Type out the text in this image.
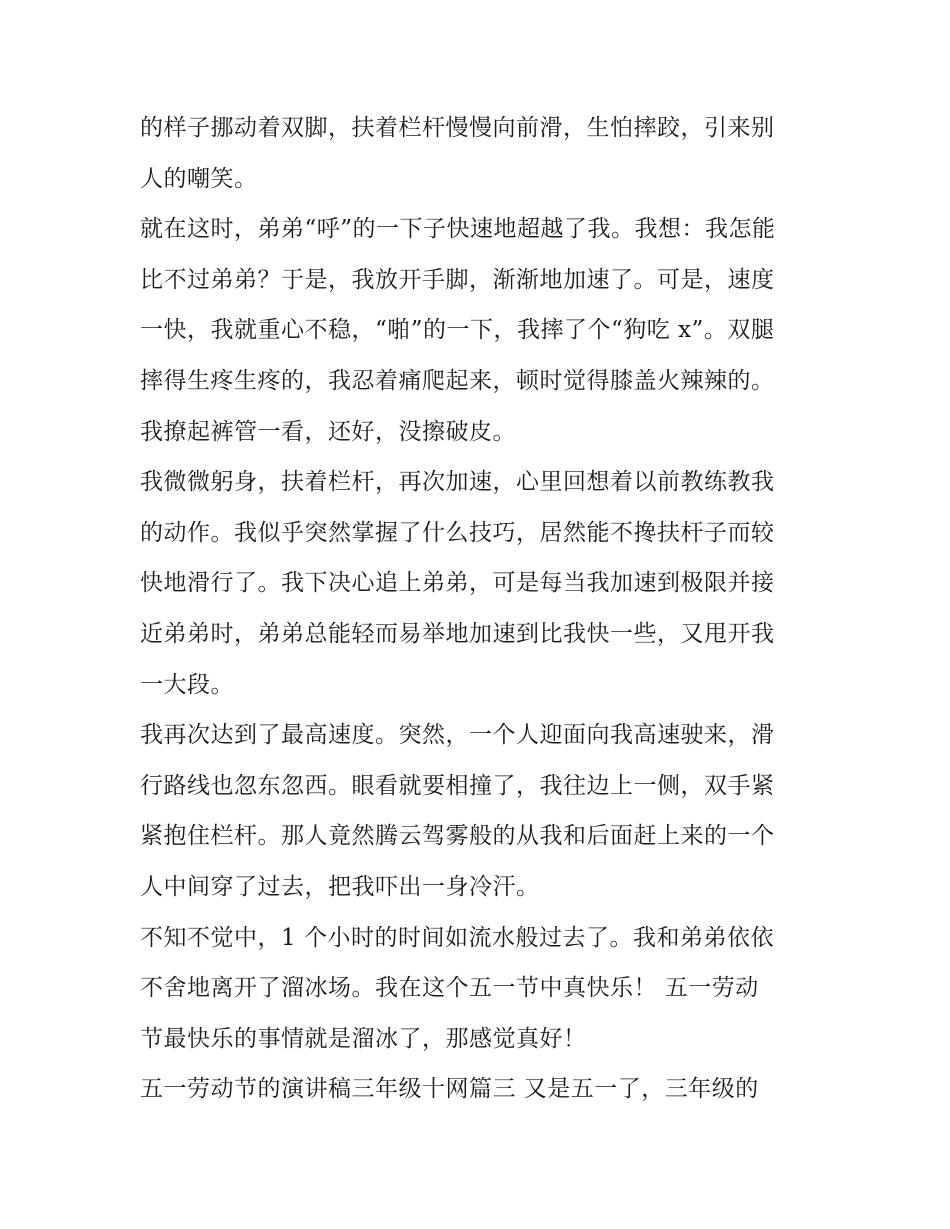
的样子挪动着双脚，扶着栏杆慢慢向前滑，生怕摔跤，引来别
人的嘲笑。
就在这时，弟弟“呼”的一下子快速地超越了我。我想：我怎能
比不过弟弟？于是，我放开手脚，渐渐地加速了。可是，速度
一快，我就重心不稳，“啪”的一下，我摔了个“狗吃 x”。双腿
摔得生疼生疼的，我忍着痛爬起来，顿时觉得膝盖火辣辣的。
我撩起裤管一看，还好，没擦破皮。
我微微躬身，扶着栏杆，再次加速，心里回想着以前教练教我
的动作。我似乎突然掌握了什么技巧，居然能不搀扶杆子而较
快地滑行了。我下决心追上弟弟，可是每当我加速到极限并接
近弟弟时，弟弟总能轻而易举地加速到比我快一些，又甩开我
一大段。
我再次达到了最高速度。突然，一个人迎面向我高速驶来，滑
行路线也忽东忽西。眼看就要相撞了，我往边上一侧，双手紧
紧抱住栏杆。那人竟然腾云驾雾般的从我和后面赶上来的一个
人中间穿了过去，把我吓出一身冷汗。
不知不觉中，1 个小时的时间如流水般过去了。我和弟弟依依
不舍地离开了溜冰场。我在这个五一节中真快乐！ 五一劳动
节最快乐的事情就是溜冰了，那感觉真好！
五一劳动节的演讲稿三年级十网篇三 又是五一了，三年级的
